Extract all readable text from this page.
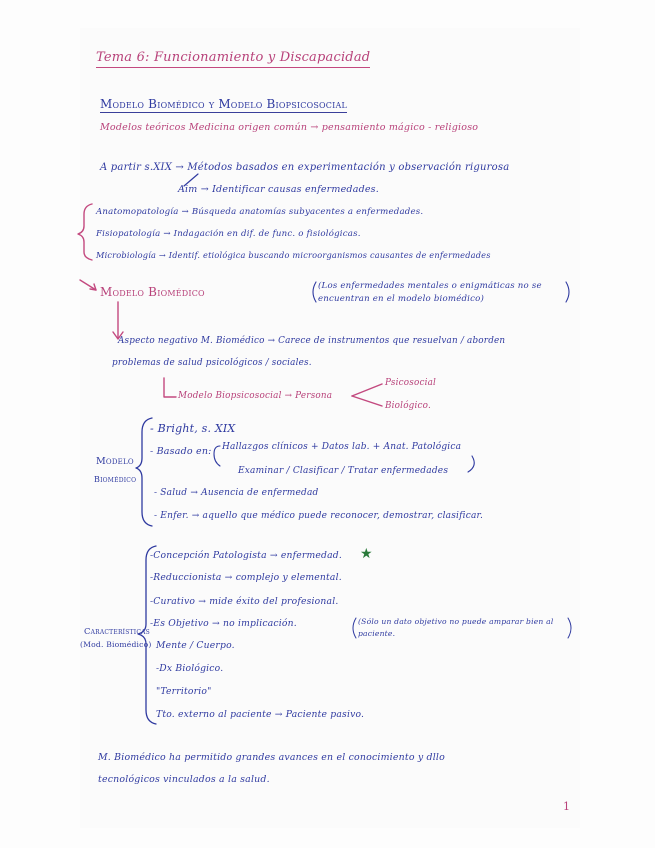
Tema 6: Funcionamiento y Discapacidad
Modelo Biomédico y Modelo Biopsicosocial
Modelos teóricos Medicina origen común → pensamiento mágico - religioso
A partir s.XIX → Métodos basados en experimentación y observación rigurosa
Aim → Identificar causas enfermedades.
Anatomopatología → Búsqueda anatomías subyacentes a enfermedades.
Fisiopatología → Indagación en dif. de func. o fisiológicas.
Microbiología → Identif. etiológica buscando microorganismos causantes de enfermedades
Modelo Biomédico	(Los enfermedades mentales o enigmáticas no se encuentran en el modelo biomédico)
Aspecto negativo M. Biomédico → Carece de instrumentos que resuelvan / aborden
problemas de salud psicológicos / sociales.
Modelo Biopsicosocial → Persona
Psicosocial
Biológico.
Modelo
Biomédico
- Bright, s. XIX
- Basado en: Hallazgos clínicos + Datos lab. + Anat. Patológica
Examinar / Clasificar / Tratar enfermedades
- Salud → Ausencia de enfermedad
- Enfer. → aquello que médico puede reconocer, demostrar, clasificar.
Características
(Mod. Biomédico)
-Concepción Patologista → enfermedad. ★
-Reduccionista → complejo y elemental.
-Curativo → mide éxito del profesional.
-Es Objetivo → no implicación.	(Sólo un dato objetivo no puede amparar bien al paciente.
Mente / Cuerpo.
-Dx Biológico.
"Territorio"
Tto. externo al paciente → Paciente pasivo.
M. Biomédico ha permitido grandes avances en el conocimiento y dllo
tecnológicos vinculados a la salud.
1
